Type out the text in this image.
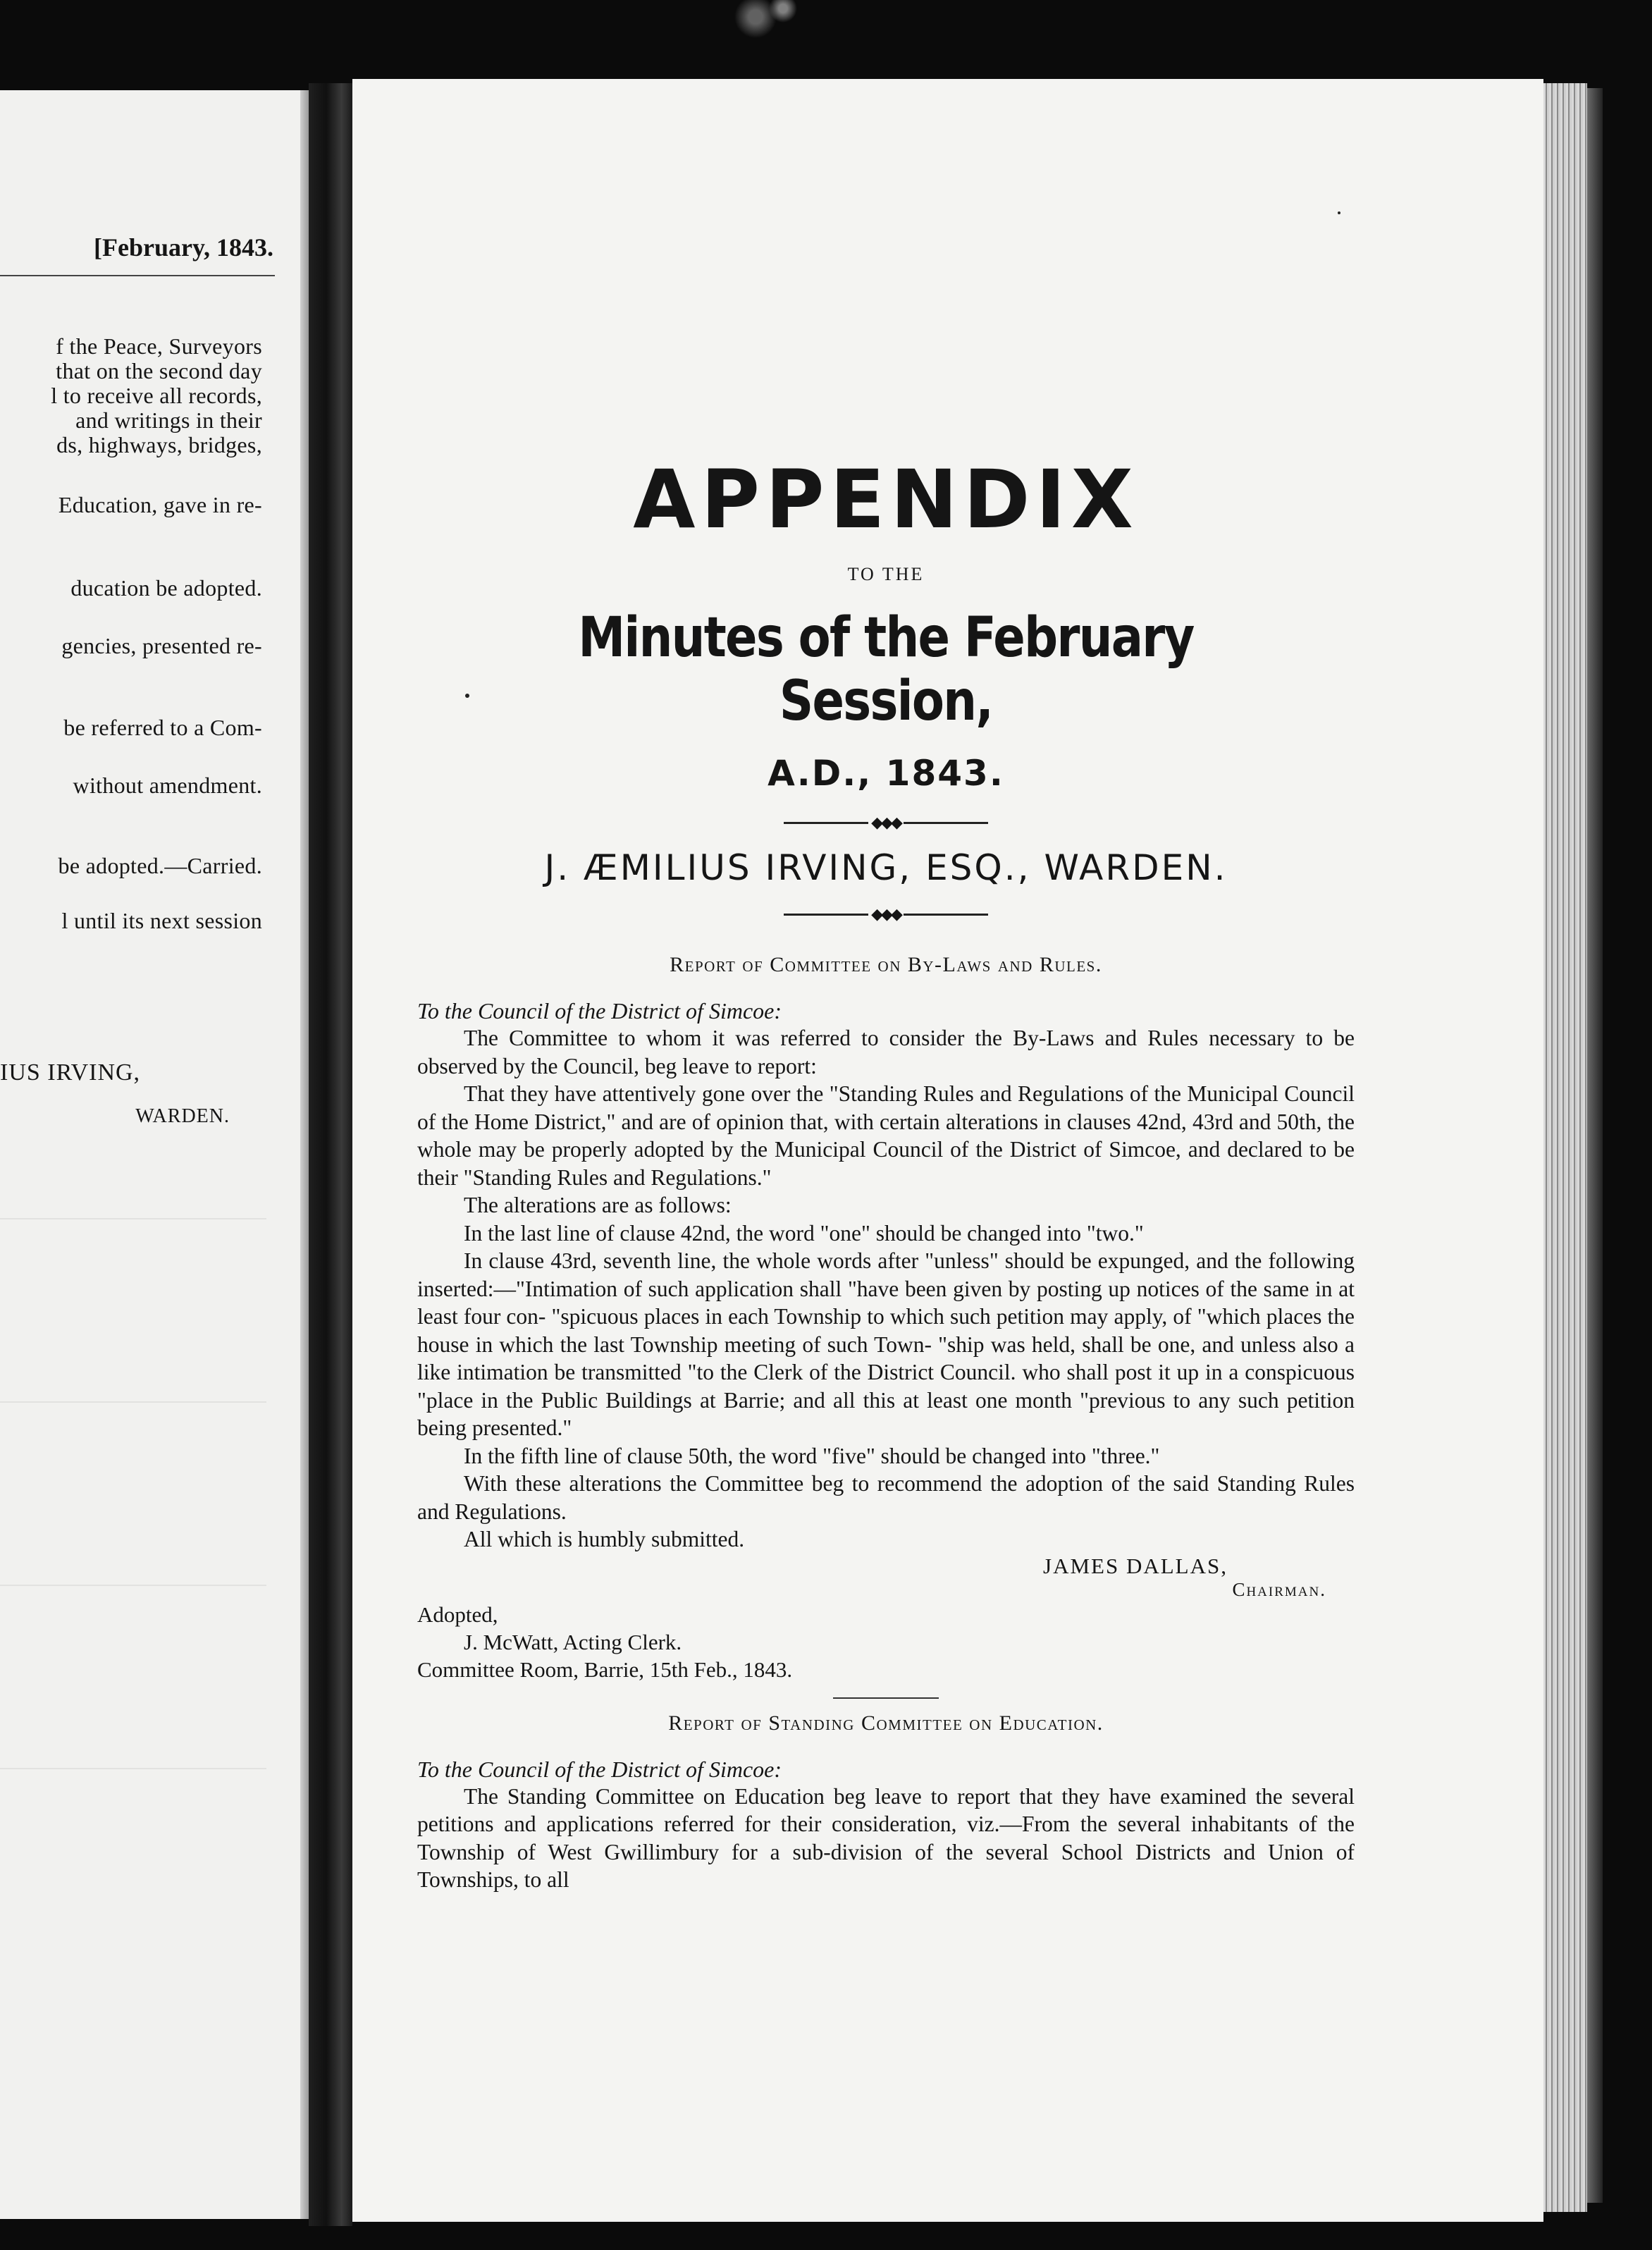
[February, 1843.
f the Peace, Surveyors
that on the second day
l to receive all records,
and writings in their
ds, highways, bridges,
Education, gave in re-
ducation be adopted.
gencies, presented re-
be referred to a Com-
without amendment.
be adopted.—Carried.
l until its next session
IUS IRVING,
WARDEN.
APPENDIX
TO THE
Minutes of the February Session,
A.D., 1843.
◆◆◆
J. ÆMILIUS IRVING, ESQ., WARDEN.
◆◆◆
Report of Committee on By-Laws and Rules.
To the Council of the District of Simcoe:

The Committee to whom it was referred to consider the By-Laws and Rules necessary to be observed by the Council, beg leave to report:

That they have attentively gone over the "Standing Rules and Regulations of the Municipal Council of the Home District," and are of opinion that, with certain alterations in clauses 42nd, 43rd and 50th, the whole may be properly adopted by the Municipal Council of the District of Simcoe, and declared to be their "Standing Rules and Regulations."

The alterations are as follows:

In the last line of clause 42nd, the word "one" should be changed into "two."

In clause 43rd, seventh line, the whole words after "unless" should be expunged, and the following inserted:—"Intimation of such application shall "have been given by posting up notices of the same in at least four con- "spicuous places in each Township to which such petition may apply, of "which places the house in which the last Township meeting of such Town- "ship was held, shall be one, and unless also a like intimation be transmitted "to the Clerk of the District Council. who shall post it up in a conspicuous "place in the Public Buildings at Barrie; and all this at least one month "previous to any such petition being presented."

In the fifth line of clause 50th, the word "five" should be changed into "three."

With these alterations the Committee beg to recommend the adoption of the said Standing Rules and Regulations.

All which is humbly submitted.

JAMES DALLAS,
Chairman.
Adopted,
J. McWatt, Acting Clerk.
Committee Room, Barrie, 15th Feb., 1843.
Report of Standing Committee on Education.
To the Council of the District of Simcoe:

The Standing Committee on Education beg leave to report that they have examined the several petitions and applications referred for their consideration, viz.—From the several inhabitants of the Township of West Gwillimbury for a sub-division of the several School Districts and Union of Townships, to all
